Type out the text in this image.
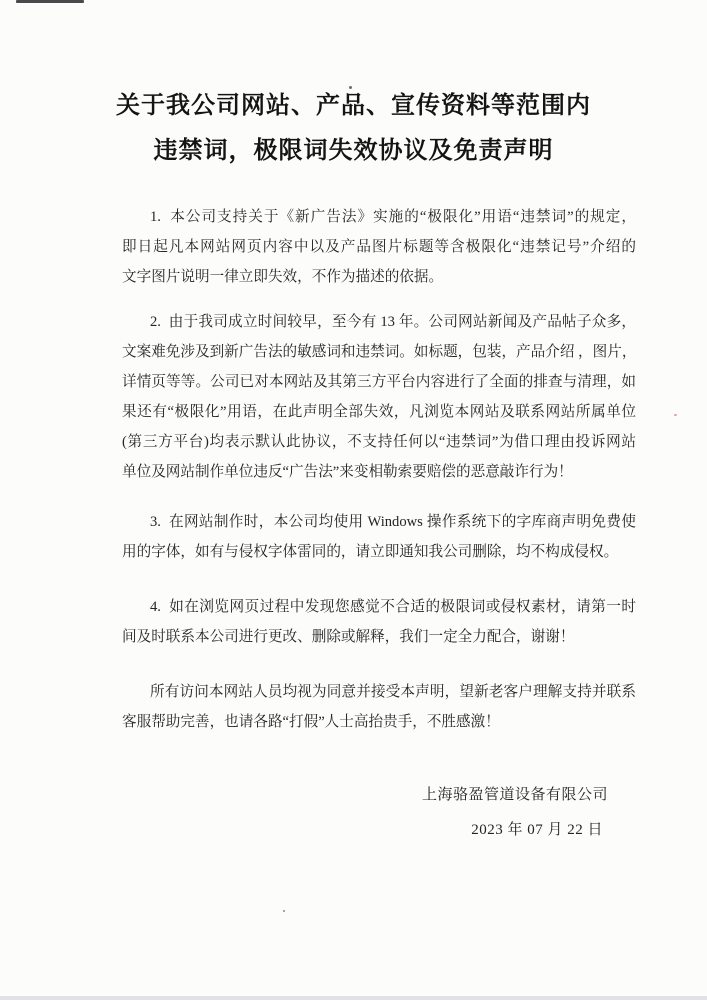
关于我公司网站、产品、宣传资料等范围内
违禁词，极限词失效协议及免责声明
1.  本公司支持关于《新广告法》实施的“极限化”用语“违禁词”的规定，
即日起凡本网站网页内容中以及产品图片标题等含极限化“违禁记号”介绍的
文字图片说明一律立即失效，不作为描述的依据。
2.  由于我司成立时间较早，至今有 13 年。公司网站新闻及产品帖子众多，
文案难免涉及到新广告法的敏感词和违禁词。如标题，包装，产品介绍 ，图片，
详情页等等。公司已对本网站及其第三方平台内容进行了全面的排查与清理，如
果还有“极限化”用语，在此声明全部失效，凡浏览本网站及联系网站所属单位
(第三方平台)均表示默认此协议，不支持任何以“违禁词”为借口理由投诉网站
单位及网站制作单位违反“广告法”来变相勒索要赔偿的恶意敲诈行为！
3.  在网站制作时，本公司均使用 Windows 操作系统下的字库商声明免费使
用的字体，如有与侵权字体雷同的，请立即通知我公司删除，均不构成侵权。
4.  如在浏览网页过程中发现您感觉不合适的极限词或侵权素材，请第一时
间及时联系本公司进行更改、删除或解释，我们一定全力配合，谢谢！
所有访问本网站人员均视为同意并接受本声明，望新老客户理解支持并联系
客服帮助完善，也请各路“打假”人士高抬贵手，不胜感激！
上海骆盈管道设备有限公司
2023 年 07 月 22 日
